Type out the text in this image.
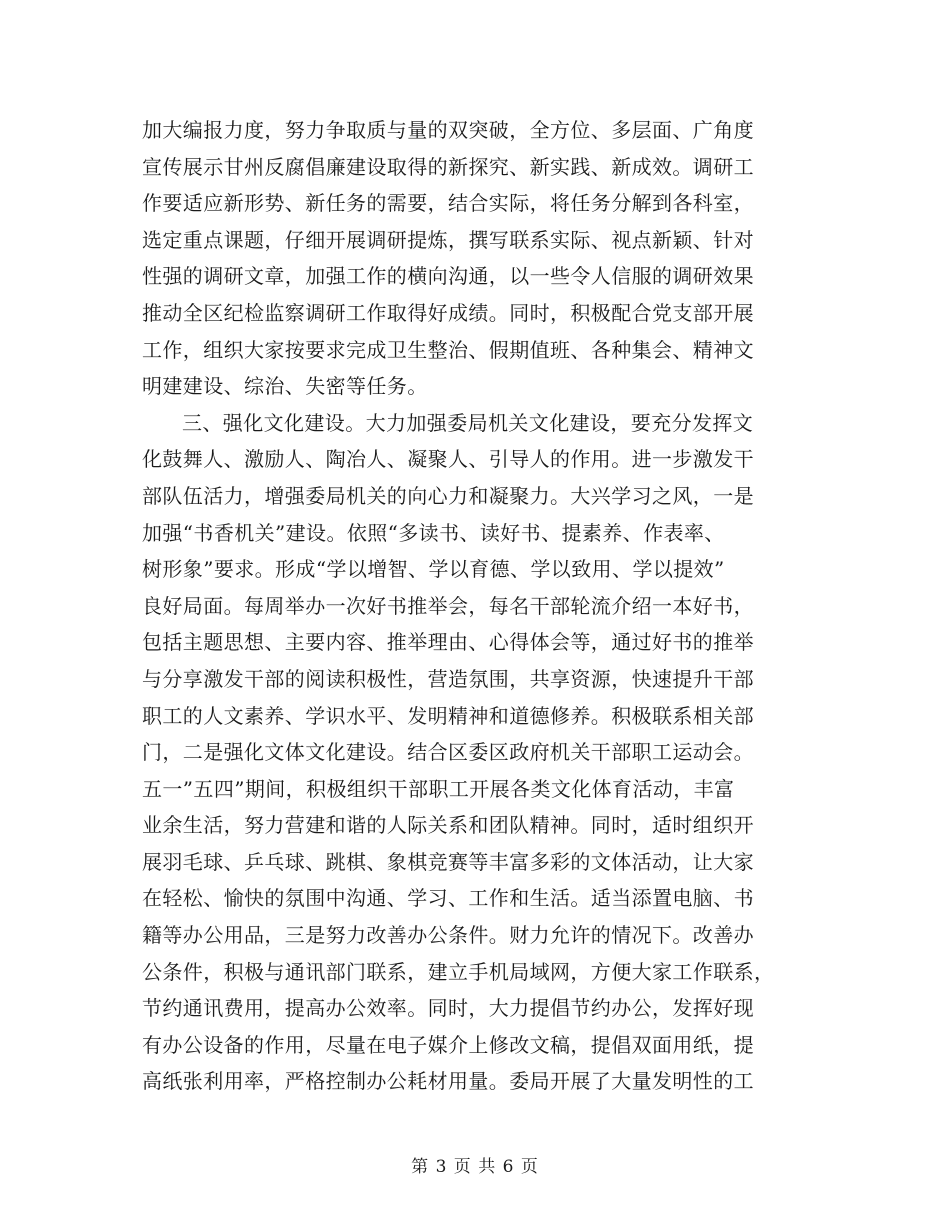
加大编报力度，努力争取质与量的双突破，全方位、多层面、广角度
宣传展示甘州反腐倡廉建设取得的新探究、新实践、新成效。调研工
作要适应新形势、新任务的需要，结合实际，将任务分解到各科室，
选定重点课题，仔细开展调研提炼，撰写联系实际、视点新颖、针对
性强的调研文章，加强工作的横向沟通，以一些令人信服的调研效果
推动全区纪检监察调研工作取得好成绩。同时，积极配合党支部开展
工作，组织大家按要求完成卫生整治、假期值班、各种集会、精神文
明建建设、综治、失密等任务。
三、强化文化建设。大力加强委局机关文化建设，要充分发挥文
化鼓舞人、激励人、陶冶人、凝聚人、引导人的作用。进一步激发干
部队伍活力，增强委局机关的向心力和凝聚力。大兴学习之风，一是
加强“书香机关”建设。依照“多读书、读好书、提素养、作表率、
树形象”要求。形成“学以增智、学以育德、学以致用、学以提效”
良好局面。每周举办一次好书推举会，每名干部轮流介绍一本好书，
包括主题思想、主要内容、推举理由、心得体会等，通过好书的推举
与分享激发干部的阅读积极性，营造氛围，共享资源，快速提升干部
职工的人文素养、学识水平、发明精神和道德修养。积极联系相关部
门，二是强化文体文化建设。结合区委区政府机关干部职工运动会。
五一”五四”期间，积极组织干部职工开展各类文化体育活动，丰富
业余生活，努力营建和谐的人际关系和团队精神。同时，适时组织开
展羽毛球、乒乓球、跳棋、象棋竞赛等丰富多彩的文体活动，让大家
在轻松、愉快的氛围中沟通、学习、工作和生活。适当添置电脑、书
籍等办公用品，三是努力改善办公条件。财力允许的情况下。改善办
公条件，积极与通讯部门联系，建立手机局域网，方便大家工作联系，
节约通讯费用，提高办公效率。同时，大力提倡节约办公，发挥好现
有办公设备的作用，尽量在电子媒介上修改文稿，提倡双面用纸，提
高纸张利用率，严格控制办公耗材用量。委局开展了大量发明性的工
第 3 页 共 6 页
